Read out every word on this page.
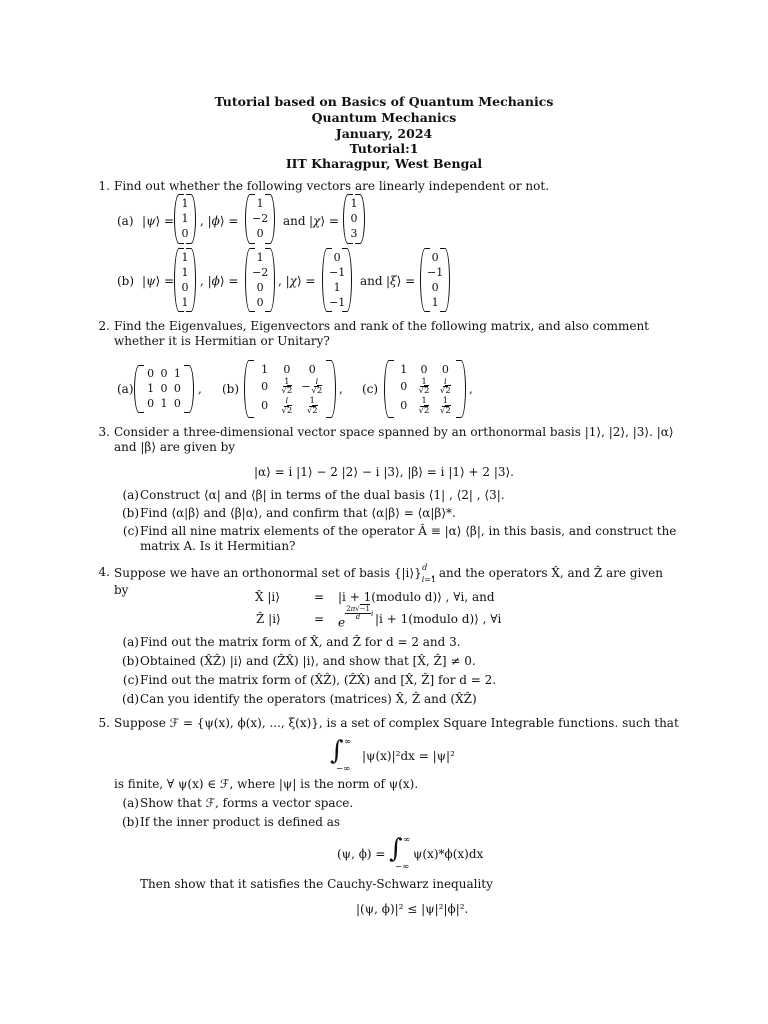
Tutorial based on Basics of Quantum Mechanics
Quantum Mechanics
January, 2024
Tutorial:1
IIT Kharagpur, West Bengal
1. Find out whether the following vectors are linearly independent or not.
(a) |ψ⟩ =
1
1
0
, |ϕ⟩ =
1
−2
0
and |χ⟩ =
1
0
3
(b) |ψ⟩ =
1
1
0
1
, |ϕ⟩ =
1
−2
0
0
, |χ⟩ =
0
−1
1
−1
and |ξ⟩ =
0
−1
0
1
2. Find the Eigenvalues, Eigenvectors and rank of the following matrix, and also comment whether it is Hermitian or Unitary?
(a)
0 0 1
1 0 0
0 1 0
, (b)
1 0 0
$0 \frac{1}{√2} - \frac{i}{√2}$
$0 \frac{i}{√2} \frac{1}{√2}$
, (c)
1 0 0
$0 \frac{1}{√2} \frac{i}{√2}$
$0 \frac{1}{√2} \frac{1}{√2}$
,
3. Consider a three-dimensional vector space spanned by an orthonormal basis |1⟩, |2⟩, |3⟩. |α⟩ and |β⟩ are given by
|α⟩ = i |1⟩ − 2 |2⟩ − i |3⟩, |β⟩ = i |1⟩ + 2 |3⟩.
(a) Construct ⟨α| and ⟨β| in terms of the dual basis ⟨1| , ⟨2| , ⟨3|.
(b) Find ⟨α|β⟩ and ⟨β|α⟩, and confirm that ⟨α|β⟩ = ⟨α|β⟩*.
(c) Find all nine matrix elements of the operator Â ≡ |α⟩ ⟨β|, in this basis, and construct the matrix A. Is it Hermitian?
4. Suppose we have an orthonormal set of basis $\{|i⟩\}_{i=1}^d$ , and the operators X̂, and Ẑ are given by	X̂ |i⟩	= |i + 1(modulo d)⟩ , ∀i, and
Ẑ |i⟩	= e
$^{\frac{2\pi√-1}{d} i}$ |i + 1(modulo d)⟩ , ∀i
(a) Find out the matrix form of X̂, and Ẑ for d = 2 and 3.
(b) Obtained (X̂Ẑ) |i⟩ and (ẐX̂) |i⟩, and show that [X̂, Ẑ] ≠ 0.
(c) Find out the matrix form of (X̂Ẑ), (ẐX̂) and [X̂, Ẑ] for d = 2.
(d) Can you identify the operators (matrices) X̂, Ẑ and (X̂Ẑ)
5. Suppose ℱ = {ψ(x), ϕ(x), ..., ξ(x)}, is a set of complex Square Integrable functions. such that
∫ ∞
−∞
|ψ(x)|²dx = |ψ|²
is finite, ∀ ψ(x) ∈ ℱ, where |ψ| is the norm of ψ(x).
(a) Show that ℱ, forms a vector space.
(b) If the inner product is defined as
(ψ, ϕ) = ∫ ∞
−∞
ψ(x)*ϕ(x)dx
Then show that it satisfies the Cauchy-Schwarz inequality
|(ψ, ϕ)|² ≤ |ψ|²|ϕ|².
